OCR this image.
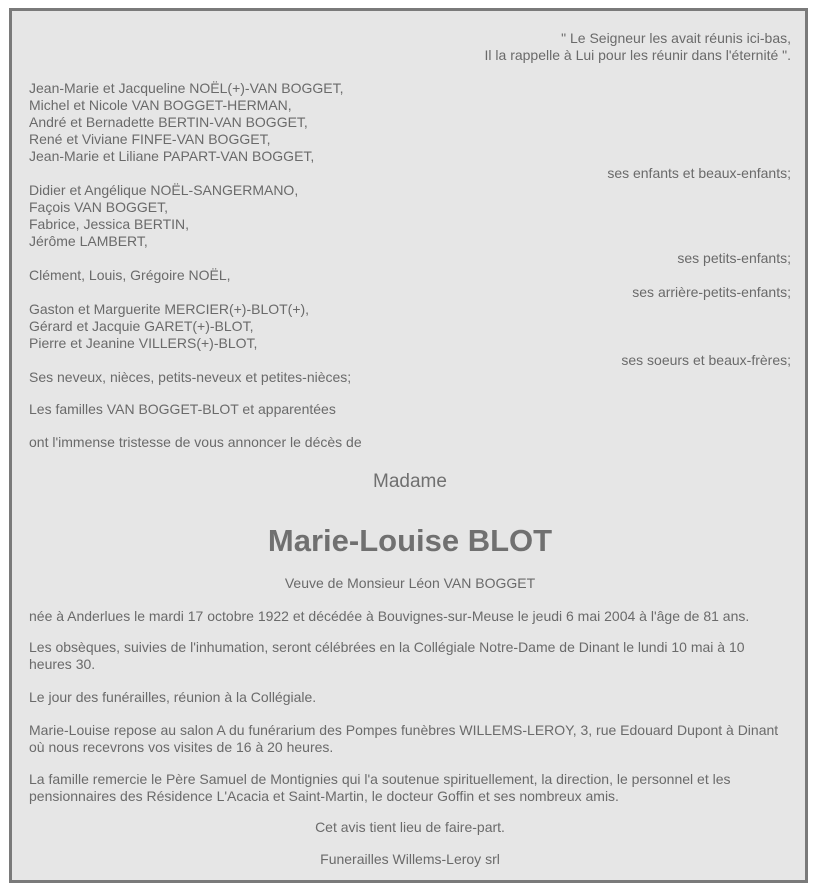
" Le Seigneur les avait réunis ici-bas,
Il la rappelle à Lui pour les réunir dans l'éternité ".
Jean-Marie et Jacqueline NOËL(+)-VAN BOGGET,
Michel et Nicole VAN BOGGET-HERMAN,
André et Bernadette BERTIN-VAN BOGGET,
René et Viviane FINFE-VAN BOGGET,
Jean-Marie et Liliane PAPART-VAN BOGGET,
ses enfants et beaux-enfants;
Didier et Angélique NOËL-SANGERMANO,
Façois VAN BOGGET,
Fabrice, Jessica BERTIN,
Jérôme LAMBERT,
ses petits-enfants;
Clément, Louis, Grégoire NOËL,
ses arrière-petits-enfants;
Gaston et Marguerite MERCIER(+)-BLOT(+),
Gérard et Jacquie GARET(+)-BLOT,
Pierre et Jeanine VILLERS(+)-BLOT,
ses soeurs et beaux-frères;
Ses neveux, nièces, petits-neveux et petites-nièces;
Les familles VAN BOGGET-BLOT et apparentées
ont l'immense tristesse de vous annoncer le décès de
Madame
Marie-Louise BLOT
Veuve de Monsieur Léon VAN BOGGET
née à Anderlues le mardi 17 octobre 1922 et décédée à Bouvignes-sur-Meuse le jeudi 6 mai 2004 à l'âge de 81 ans.
Les obsèques, suivies de l'inhumation, seront célébrées en la Collégiale Notre-Dame de Dinant le lundi 10 mai à 10 heures 30.
Le jour des funérailles, réunion à la Collégiale.
Marie-Louise repose au salon A du funérarium des Pompes funèbres WILLEMS-LEROY, 3, rue Edouard Dupont à Dinant où nous recevrons vos visites de 16 à 20 heures.
La famille remercie le Père Samuel de Montignies qui l'a soutenue spirituellement, la direction, le personnel et les pensionnaires des Résidence L'Acacia et Saint-Martin, le docteur Goffin et ses nombreux amis.
Cet avis tient lieu de faire-part.
Funerailles Willems-Leroy srl
